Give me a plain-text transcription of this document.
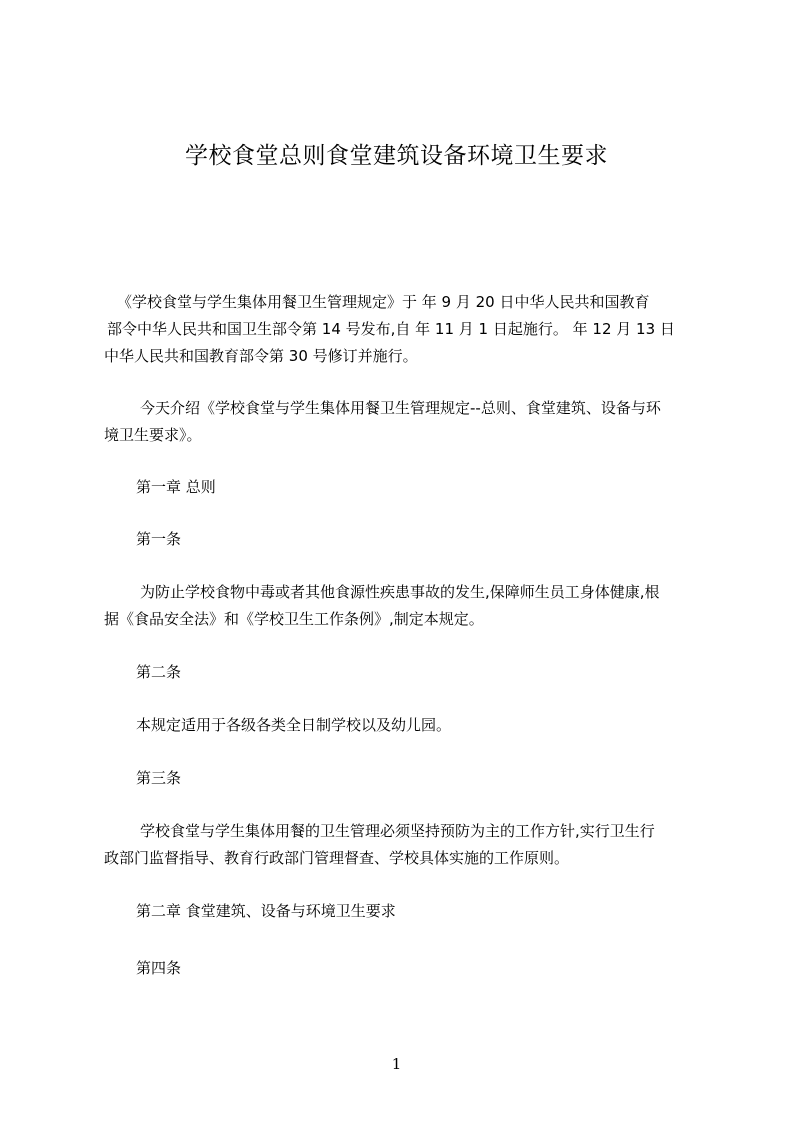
学校食堂总则食堂建筑设备环境卫生要求
《学校食堂与学生集体用餐卫生管理规定》于 年 9 月 20 日中华人民共和国教育
部令中华人民共和国卫生部令第 14 号发布,自 年 11 月 1 日起施行。 年 12 月 13 日
中华人民共和国教育部令第 30 号修订并施行。
今天介绍《学校食堂与学生集体用餐卫生管理规定--总则、食堂建筑、设备与环
境卫生要求》。
第一章 总则
第一条
为防止学校食物中毒或者其他食源性疾患事故的发生,保障师生员工身体健康,根
据《食品安全法》和《学校卫生工作条例》,制定本规定。
第二条
本规定适用于各级各类全日制学校以及幼儿园。
第三条
学校食堂与学生集体用餐的卫生管理必须坚持预防为主的工作方针,实行卫生行
政部门监督指导、教育行政部门管理督查、学校具体实施的工作原则。
第二章 食堂建筑、设备与环境卫生要求
第四条
1
